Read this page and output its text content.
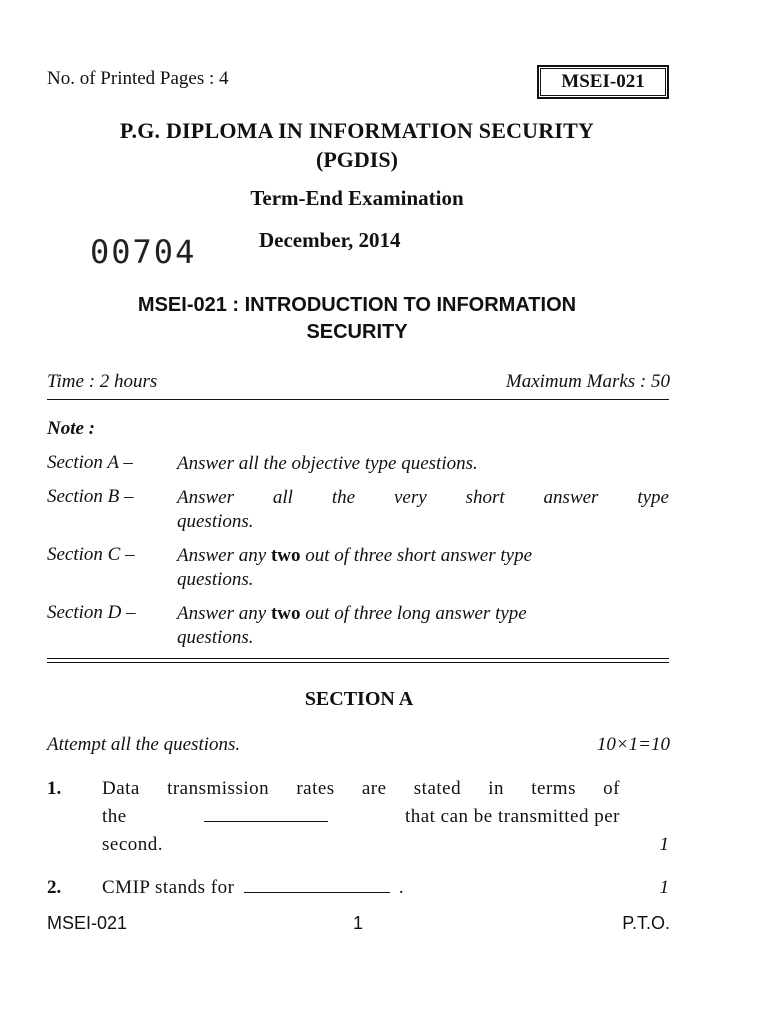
No. of Printed Pages : 4	MSEI-021
P.G. DIPLOMA IN INFORMATION SECURITY
(PGDIS)
Term-End Examination
00704	December, 2014
MSEI-021 : INTRODUCTION TO INFORMATION
SECURITY
Time : 2 hours	Maximum Marks : 50
Note :
Section A – Answer all the objective type questions.
Section B – Answer all the very short answer type
questions.
Section C – Answer any two out of three short answer type
questions.
Section D – Answer any two out of three long answer type
questions.
SECTION A
Attempt all the questions.	10×1=10
1. Data transmission rates are stated in terms of
the	that can be transmitted per
second.	1
2. CMIP stands for	.	1
MSEI-021	1	P.T.O.
